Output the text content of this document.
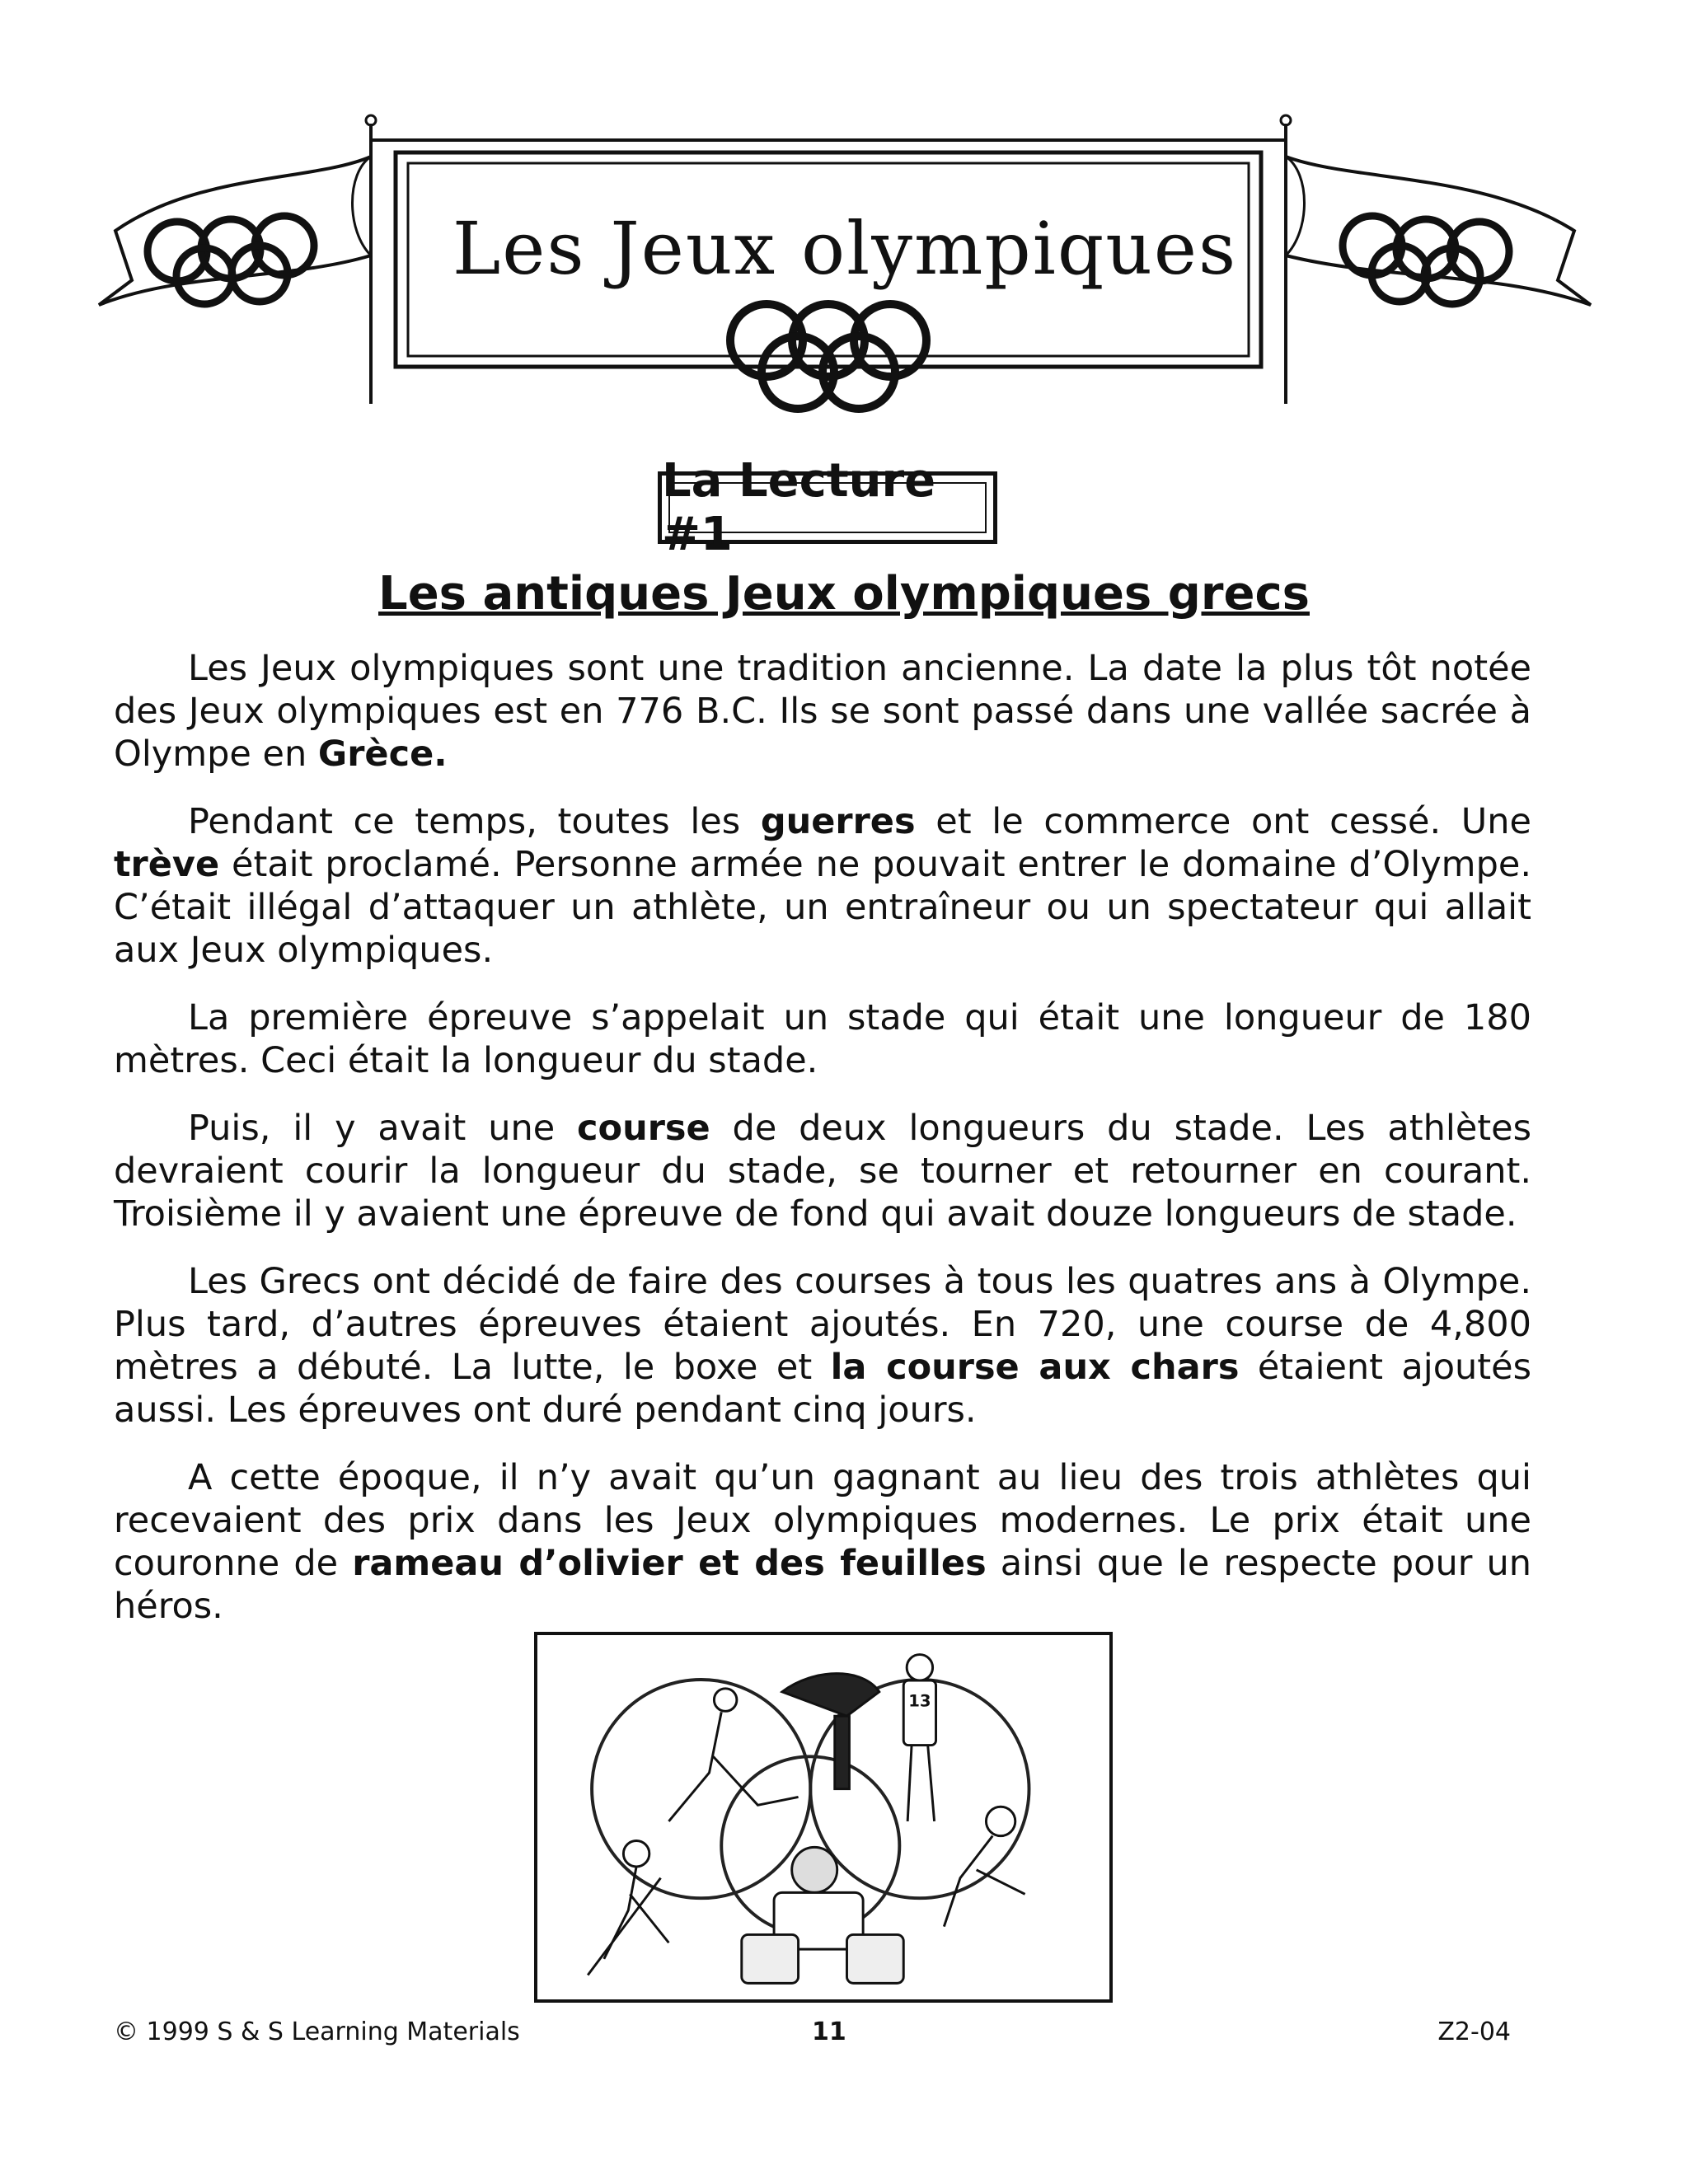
Les Jeux olympiques
La Lecture #1
Les antiques Jeux olympiques grecs

Les Jeux olympiques sont une tradition ancienne. La date la plus tôt notée des Jeux olympiques est en 776 B.C. Ils se sont passé dans une vallée sacrée à Olympe en Grèce.

Pendant ce temps, toutes les guerres et le commerce ont cessé. Une trève était proclamé. Personne armée ne pouvait entrer le domaine d’Olympe. C’était illégal d’attaquer un athlète, un entraîneur ou un spectateur qui allait aux Jeux olympiques.

La première épreuve s’appelait un stade qui était une longueur de 180 mètres. Ceci était la longueur du stade.

Puis, il y avait une course de deux longueurs du stade. Les athlètes devraient courir la longueur du stade, se tourner et retourner en courant. Troisième il y avaient une épreuve de fond qui avait douze longueurs de stade.

Les Grecs ont décidé de faire des courses à tous les quatres ans à Olympe. Plus tard, d’autres épreuves étaient ajoutés. En 720, une course de 4,800 mètres a débuté. La lutte, le boxe et la course aux chars étaient ajoutés aussi. Les épreuves ont duré pendant cinq jours.

A cette époque, il n’y avait qu’un gagnant au lieu des trois athlètes qui recevaient des prix dans les Jeux olympiques modernes. Le prix était une couronne de rameau d’olivier et des feuilles ainsi que le respecte pour un héros.

13
© 1999 S & S Learning Materials	11	Z2-04
